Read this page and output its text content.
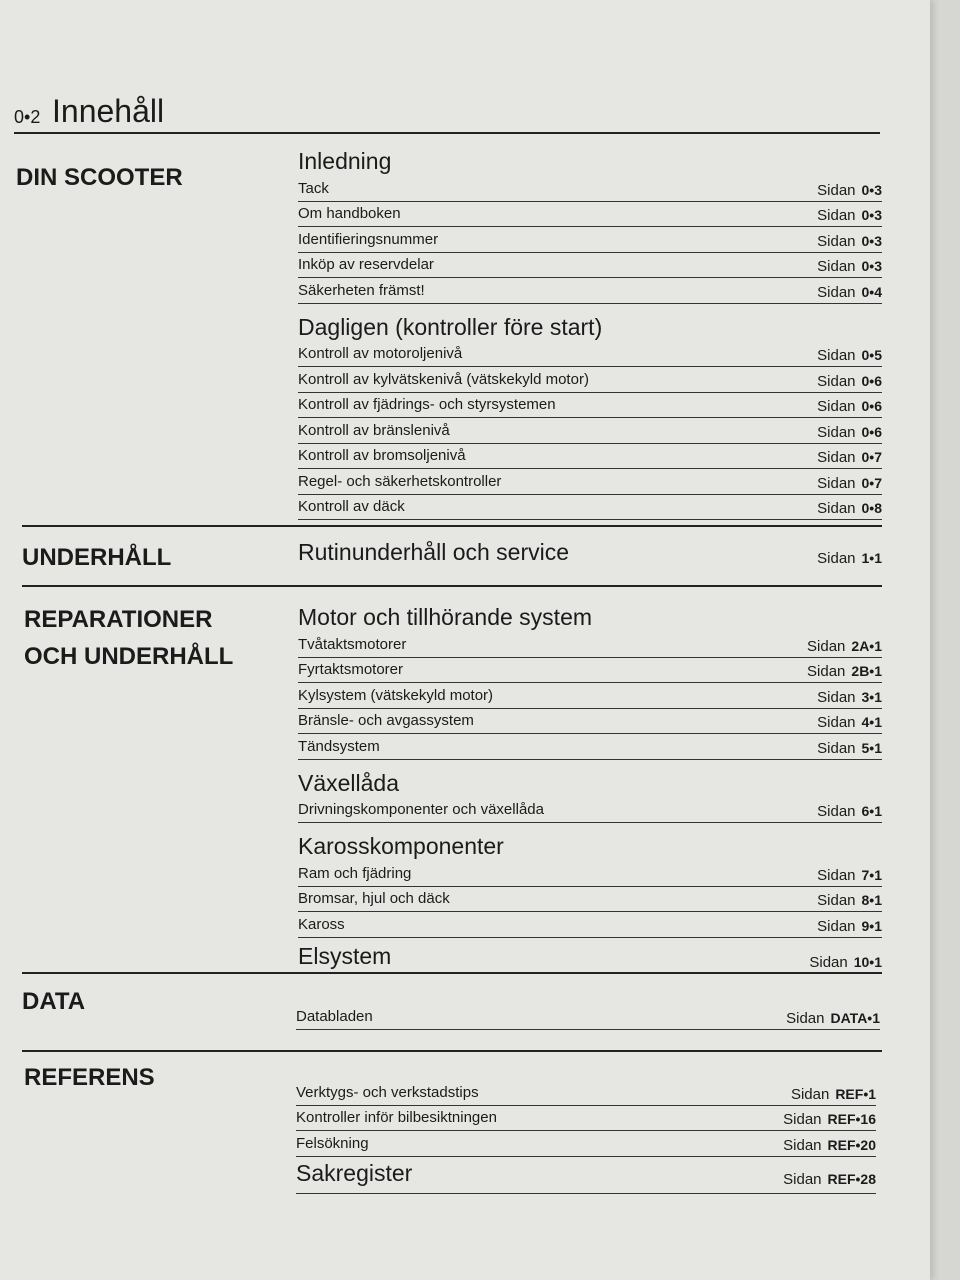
0•2 Innehåll
DIN SCOOTER
Inledning
Tack	Sidan 0•3
Om handboken	Sidan 0•3
Identifieringsnummer	Sidan 0•3
Inköp av reservdelar	Sidan 0•3
Säkerheten främst!	Sidan 0•4
Dagligen (kontroller före start)
Kontroll av motoroljenivå	Sidan 0•5
Kontroll av kylvätskenivå (vätskekyld motor)	Sidan 0•6
Kontroll av fjädrings- och styrsystemen	Sidan 0•6
Kontroll av bränslenivå	Sidan 0•6
Kontroll av bromsoljenivå	Sidan 0•7
Regel- och säkerhetskontroller	Sidan 0•7
Kontroll av däck	Sidan 0•8
UNDERHÅLL	Rutinunderhåll och service	Sidan 1•1
REPARATIONER
OCH UNDERHÅLL
Motor och tillhörande system
Tvåtaktsmotorer	Sidan 2A•1
Fyrtaktsmotorer	Sidan 2B•1
Kylsystem (vätskekyld motor)	Sidan 3•1
Bränsle- och avgassystem	Sidan 4•1
Tändsystem	Sidan 5•1
Växellåda
Drivningskomponenter och växellåda	Sidan 6•1
Karosskomponenter
Ram och fjädring	Sidan 7•1
Bromsar, hjul och däck	Sidan 8•1
Kaross	Sidan 9•1
Elsystem	Sidan 10•1
DATA
Databladen	Sidan DATA•1
REFERENS
Verktygs- och verkstadstips	Sidan REF•1
Kontroller inför bilbesiktningen	Sidan REF•16
Felsökning	Sidan REF•20
Sakregister	Sidan REF•28
